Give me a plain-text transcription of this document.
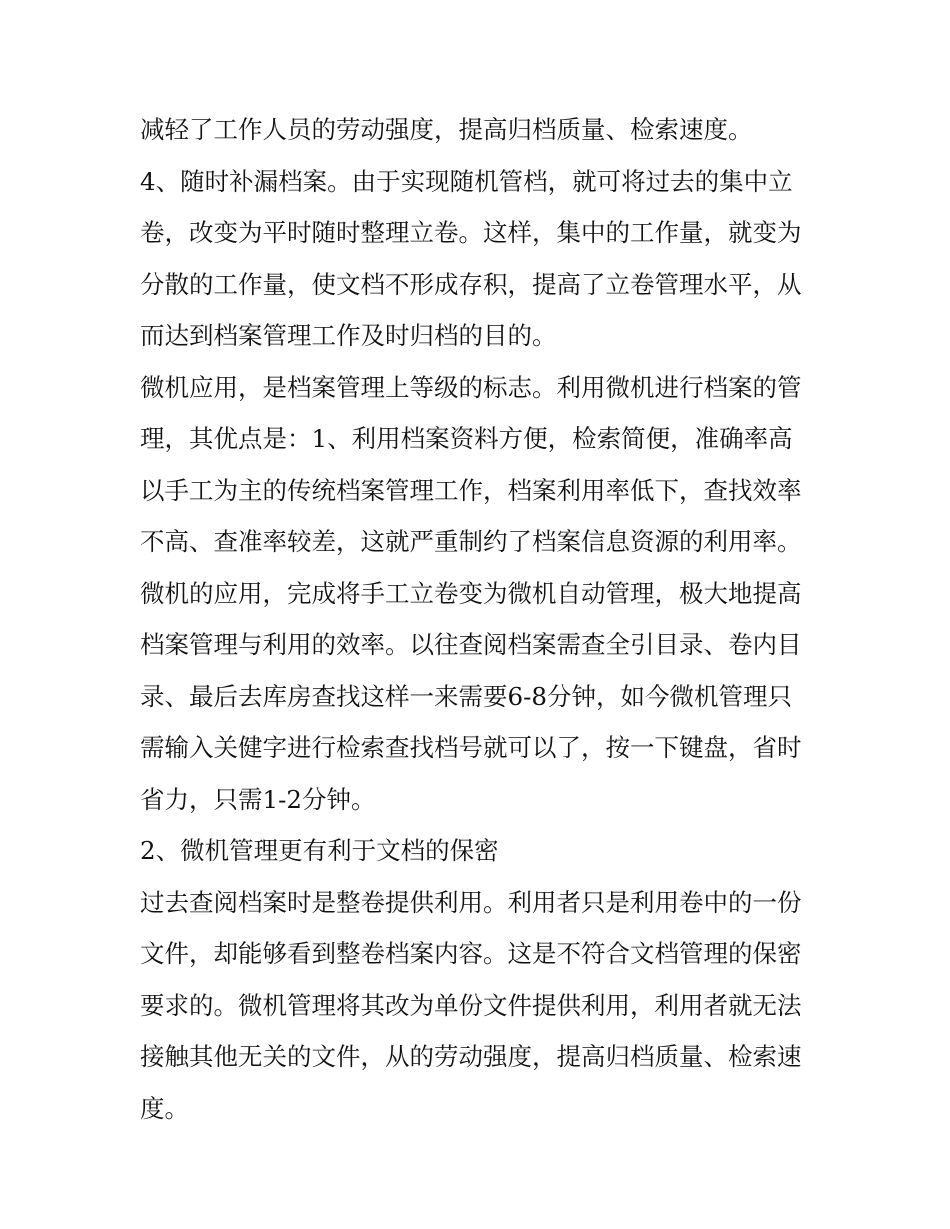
减轻了工作人员的劳动强度，提高归档质量、检索速度。
4、随时补漏档案。由于实现随机管档，就可将过去的集中立
卷，改变为平时随时整理立卷。这样，集中的工作量，就变为
分散的工作量，使文档不形成存积，提高了立卷管理水平，从
而达到档案管理工作及时归档的目的。
微机应用，是档案管理上等级的标志。利用微机进行档案的管
理，其优点是：1、利用档案资料方便，检索简便，准确率高
以手工为主的传统档案管理工作，档案利用率低下，查找效率
不高、查准率较差，这就严重制约了档案信息资源的利用率。
微机的应用，完成将手工立卷变为微机自动管理，极大地提高
档案管理与利用的效率。以往查阅档案需查全引目录、卷内目
录、最后去库房查找这样一来需要6-8分钟，如今微机管理只
需输入关健字进行检索查找档号就可以了，按一下键盘，省时
省力，只需1-2分钟。
2、微机管理更有利于文档的保密
过去查阅档案时是整卷提供利用。利用者只是利用卷中的一份
文件，却能够看到整卷档案内容。这是不符合文档管理的保密
要求的。微机管理将其改为单份文件提供利用，利用者就无法
接触其他无关的文件，从的劳动强度，提高归档质量、检索速
度。
